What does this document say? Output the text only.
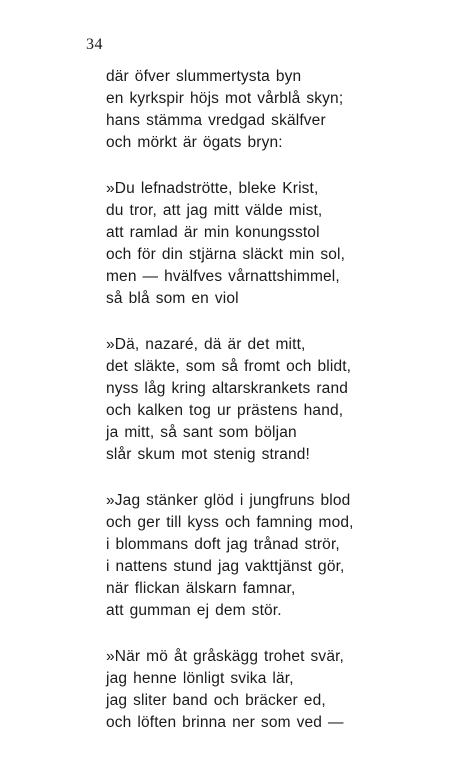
34
där öfver slummertysta byn
en kyrkspir höjs mot vårblå skyn;
hans stämma vredgad skälfver
och mörkt är ögats bryn:
»Du lefnadströtte, bleke Krist,
du tror, att jag mitt välde mist,
att ramlad är min konungsstol
och för din stjärna släckt min sol,
men — hvälfves vårnattshimmel,
så blå som en viol
»Dä, nazaré, dä är det mitt,
det släkte, som så fromt och blidt,
nyss låg kring altarskrankets rand
och kalken tog ur prästens hand,
ja mitt, så sant som böljan
slår skum mot stenig strand!
»Jag stänker glöd i jungfruns blod
och ger till kyss och famning mod,
i blommans doft jag trånad strör,
i nattens stund jag vakttjänst gör,
när flickan älskarn famnar,
att gumman ej dem stör.
»När mö åt gråskägg trohet svär,
jag henne lönligt svika lär,
jag sliter band och bräcker ed,
och löften brinna ner som ved —
